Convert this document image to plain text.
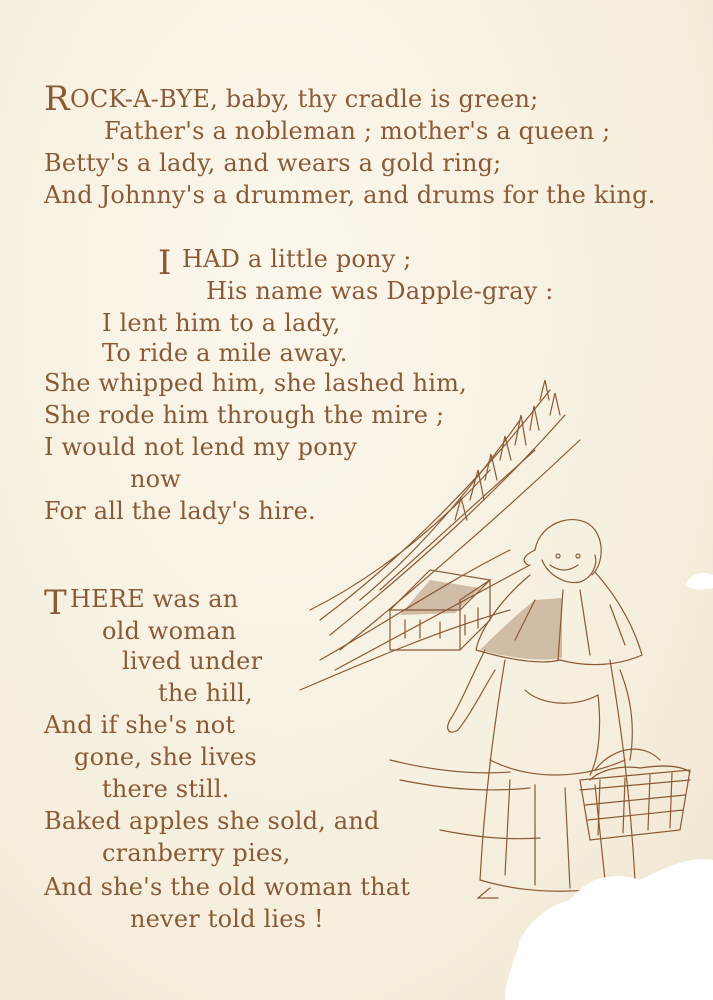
R OCK-A-BYE, baby, thy cradle is green;
Father's a nobleman ; mother's a queen ;
Betty's a lady, and wears a gold ring;
And Johnny's a drummer, and drums for the king.
I HAD a little pony ;
His name was Dapple-gray :
I lent him to a lady,
To ride a mile away.
She whipped him, she lashed him,
She rode him through the mire ;
I would not lend my pony
now
For all the lady's hire.
T HERE was an
old woman
lived under
the hill,
And if she's not
gone, she lives
there still.
Baked apples she sold, and
cranberry pies,
And she's the old woman that
never told lies !
